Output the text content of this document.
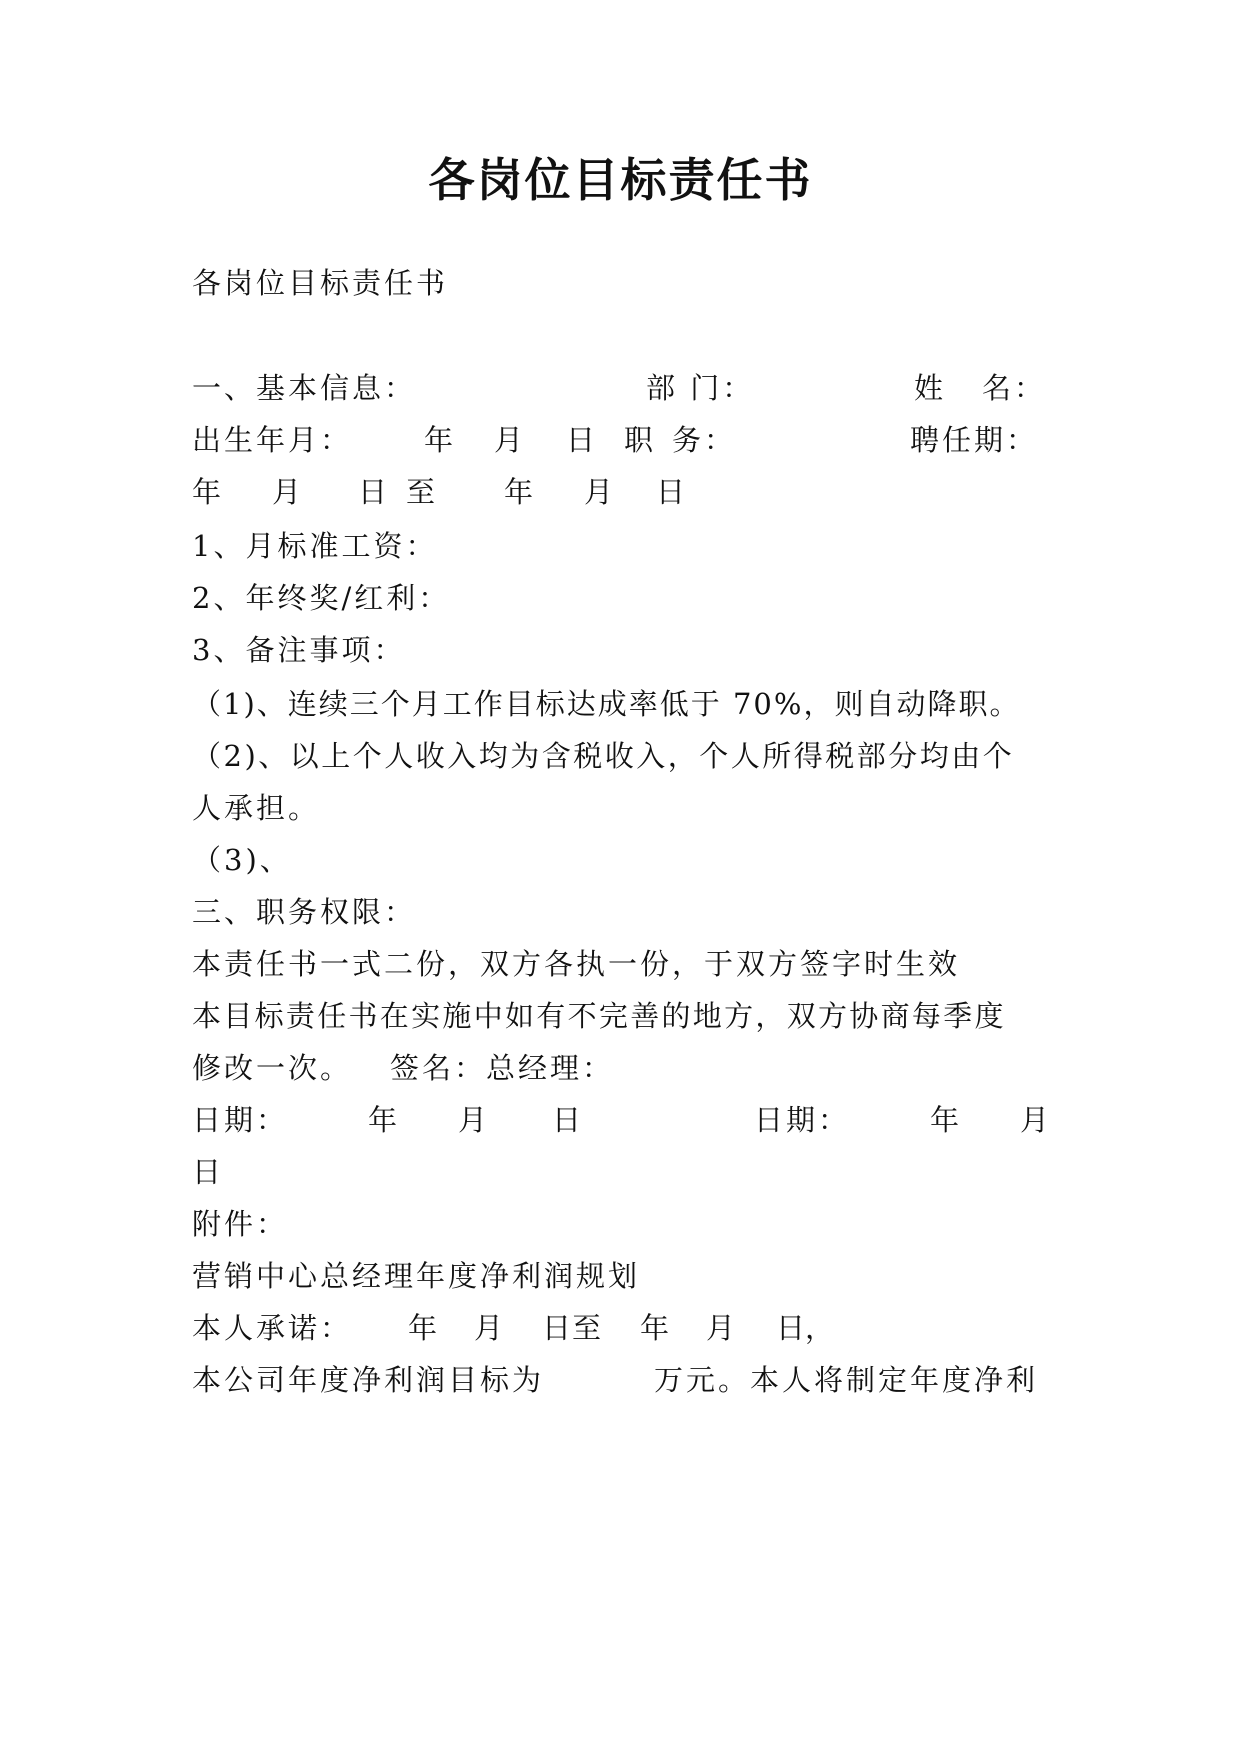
各岗位目标责任书
各岗位目标责任书
一、基本信息：	部 门：	姓 名：
出生年月： 年 月 日 职 务：	聘任期：
年 月 日 至 年 月 日
1、月标准工资：
2、年终奖/红利：
3、备注事项：
（1)、连续三个月工作目标达成率低于 70%，则自动降职。
（2)、以上个人收入均为含税收入，个人所得税部分均由个
人承担。
（3)、
三、职务权限：
本责任书一式二份，双方各执一份，于双方签字时生效
本目标责任书在实施中如有不完善的地方，双方协商每季度
修改一次。 签名：总经理：
日期：	年 月 日	日期：	年 月
日
附件：
营销中心总经理年度净利润规划
本人承诺： 年 月 日 至 年 月 日，
本公司年度净利润目标为	万元。本人将制定年度净利
